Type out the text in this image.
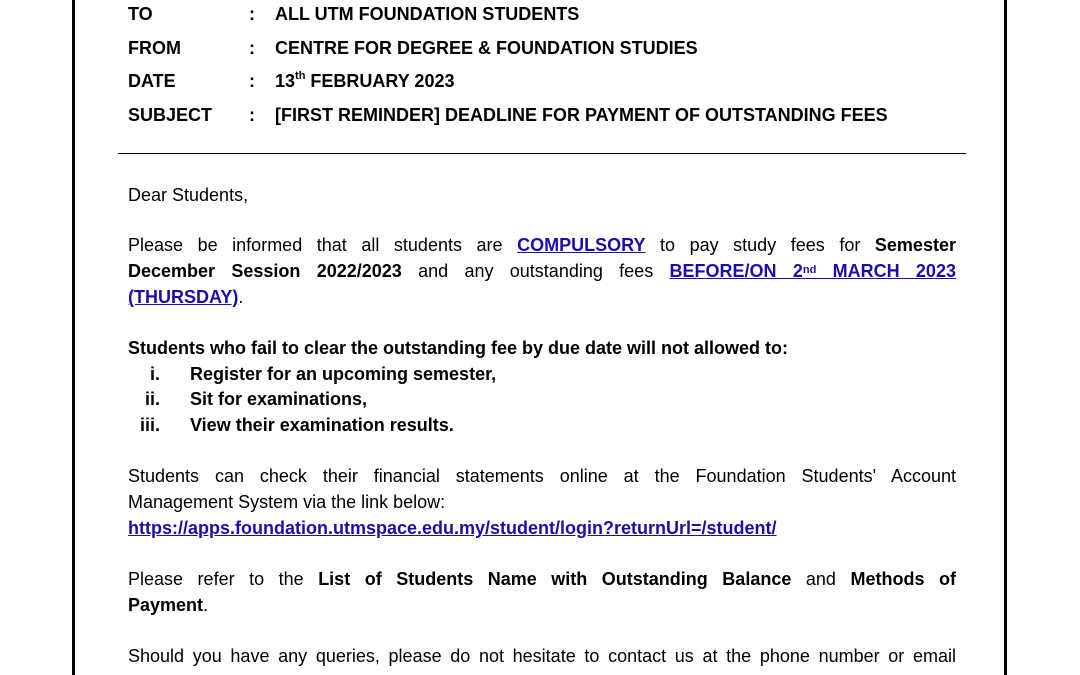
TO	: ALL UTM FOUNDATION STUDENTS
FROM	: CENTRE FOR DEGREE & FOUNDATION STUDIES
DATE	: 13th FEBRUARY 2023
SUBJECT : [FIRST REMINDER] DEADLINE FOR PAYMENT OF OUTSTANDING FEES
Dear Students,
Please be informed that all students are COMPULSORY to pay study fees for Semester
December Session 2022/2023 and any outstanding fees BEFORE/ON 2nd MARCH 2023
(THURSDAY).
Students who fail to clear the outstanding fee by due date will not allowed to:
i. Register for an upcoming semester,
ii. Sit for examinations,
iii. View their examination results.
Students can check their financial statements online at the Foundation Students' Account
Management System via the link below:
https://apps.foundation.utmspace.edu.my/student/login?returnUrl=/student/
Please refer to the List of Students Name with Outstanding Balance and Methods of
Payment.
Should you have any queries, please do not hesitate to contact us at the phone number or email
